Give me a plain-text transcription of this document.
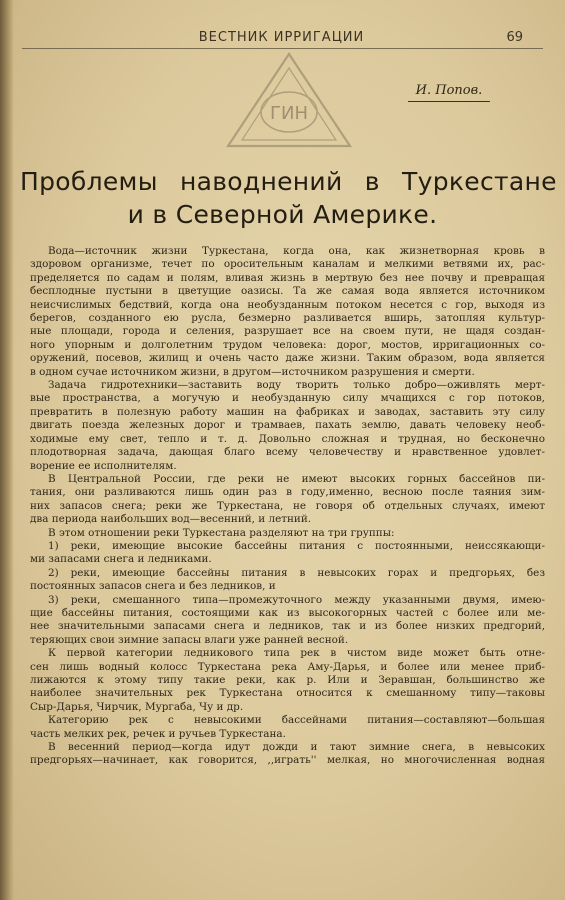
ВЕСТНИК ИРРИГАЦИИ	69
ГИН
И. Попов.
Проблемы наводнений в Туркестане
и в Северной Америке.
Вода—источник жизни Туркестана, когда она, как жизнетворная кровь в
здоровом организме, течет по оросительным каналам и мелкими ветвями их, рас-
пределяется по садам и полям, вливая жизнь в мертвую без нее почву и превращая
бесплодные пустыни в цветущие оазисы. Та же самая вода является источником
неисчислимых бедствий, когда она необузданным потоком несется с гор, выходя из
берегов, созданного ею русла, безмерно разливается вширь, затопляя культур-
ные площади, города и селения, разрушает все на своем пути, не щадя создан-
ного упорным и долголетним трудом человека: дорог, мостов, ирригационных со-
оружений, посевов, жилищ и очень часто даже жизни. Таким образом, вода является
в одном сучае источником жизни, в другом—источником разрушения и смерти.
Задача гидротехники—заставить воду творить только добро—оживлять мерт-
вые пространства, а могучую и необузданную силу мчащихся с гор потоков,
превратить в полезную работу машин на фабриках и заводах, заставить эту силу
двигать поезда железных дорог и трамваев, пахать землю, давать человеку необ-
ходимые ему свет, тепло и т. д. Довольно сложная и трудная, но бесконечно
плодотворная задача, дающая благо всему человечеству и нравственное удовлет-
ворение ее исполнителям.
В Центральной России, где реки не имеют высоких горных бассейнов пи-
тания, они разливаются лишь один раз в году,именно, весною после таяния зим-
них запасов снега; реки же Туркестана, не говоря об отдельных случаях, имеют
два периода наибольших вод—весенний, и летний.
В этом отношении реки Туркестана разделяют на три группы:
1) реки, имеющие высокие бассейны питания с постоянными, неиссякающи-
ми запасами снега и ледниками.
2) реки, имеющие бассейны питания в невысоких горах и предгорьях, без
постоянных запасов снега и без ледников, и
3) реки, смешанного типа—промежуточного между указанными двумя, имею-
щие бассейны питания, состоящими как из высокогорных частей с более или ме-
нее значительными запасами снега и ледников, так и из более низких предгорий,
теряющих свои зимние запасы влаги уже ранней весной.
К первой категории ледникового типа рек в чистом виде может быть отне-
сен лишь водный колосс Туркестана река Аму-Дарья, и более или менее приб-
лижаются к этому типу такие реки, как р. Или и Зеравшан, большинство же
наиболее значительных рек Туркестана относится к смешанному типу—таковы
Сыр-Дарья, Чирчик, Мургаба, Чу и др.
Категорию рек с невысокими бассейнами питания—составляют—большая
часть мелких рек, речек и ручьев Туркестана.
В весенний период—когда идут дожди и тают зимние снега, в невысоких
предгорьях—начинает, как говорится, ,,играть'' мелкая, но многочисленная водная
